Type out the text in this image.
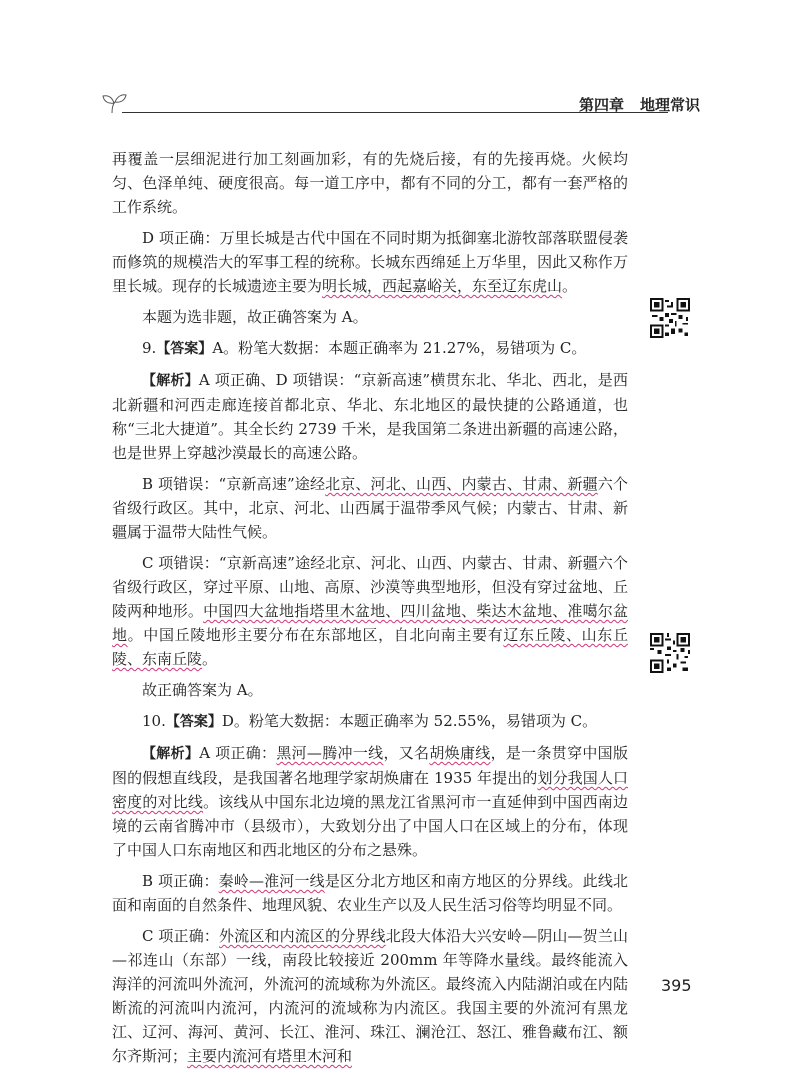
第四章 地理常识

再覆盖一层细泥进行加工刻画加彩，有的先烧后接，有的先接再烧。火候均匀、色泽单纯、硬度很高。每一道工序中，都有不同的分工，都有一套严格的工作系统。

D 项正确：万里长城是古代中国在不同时期为抵御塞北游牧部落联盟侵袭而修筑的规模浩大的军事工程的统称。长城东西绵延上万华里，因此又称作万里长城。现存的长城遗迹主要为明长城，西起嘉峪关，东至辽东虎山。

本题为选非题，故正确答案为 A。

9.【答案】A。粉笔大数据：本题正确率为 21.27%，易错项为 C。

【解析】A 项正确、D 项错误：“京新高速”横贯东北、华北、西北，是西北新疆和河西走廊连接首都北京、华北、东北地区的最快捷的公路通道，也称“三北大捷道”。其全长约 2739 千米，是我国第二条进出新疆的高速公路，也是世界上穿越沙漠最长的高速公路。

B 项错误：“京新高速”途经北京、河北、山西、内蒙古、甘肃、新疆六个省级行政区。其中，北京、河北、山西属于温带季风气候；内蒙古、甘肃、新疆属于温带大陆性气候。

C 项错误：“京新高速”途经北京、河北、山西、内蒙古、甘肃、新疆六个省级行政区，穿过平原、山地、高原、沙漠等典型地形，但没有穿过盆地、丘陵两种地形。中国四大盆地指塔里木盆地、四川盆地、柴达木盆地、准噶尔盆地。中国丘陵地形主要分布在东部地区，自北向南主要有辽东丘陵、山东丘陵、东南丘陵。

故正确答案为 A。

10.【答案】D。粉笔大数据：本题正确率为 52.55%，易错项为 C。

【解析】A 项正确：黑河—腾冲一线，又名胡焕庸线，是一条贯穿中国版图的假想直线段，是我国著名地理学家胡焕庸在 1935 年提出的划分我国人口密度的对比线。该线从中国东北边境的黑龙江省黑河市一直延伸到中国西南边境的云南省腾冲市（县级市），大致划分出了中国人口在区域上的分布，体现了中国人口东南地区和西北地区的分布之悬殊。

B 项正确：秦岭—淮河一线是区分北方地区和南方地区的分界线。此线北面和南面的自然条件、地理风貌、农业生产以及人民生活习俗等均明显不同。

C 项正确：外流区和内流区的分界线北段大体沿大兴安岭—阴山—贺兰山—祁连山（东部）一线，南段比较接近 200mm 年等降水量线。最终能流入海洋的河流叫外流河，外流河的流域称为外流区。最终流入内陆湖泊或在内陆断流的河流叫内流河，内流河的流域称为内流区。我国主要的外流河有黑龙江、辽河、海河、黄河、长江、淮河、珠江、澜沧江、怒江、雅鲁藏布江、额尔齐斯河；主要内流河有塔里木河和

395
